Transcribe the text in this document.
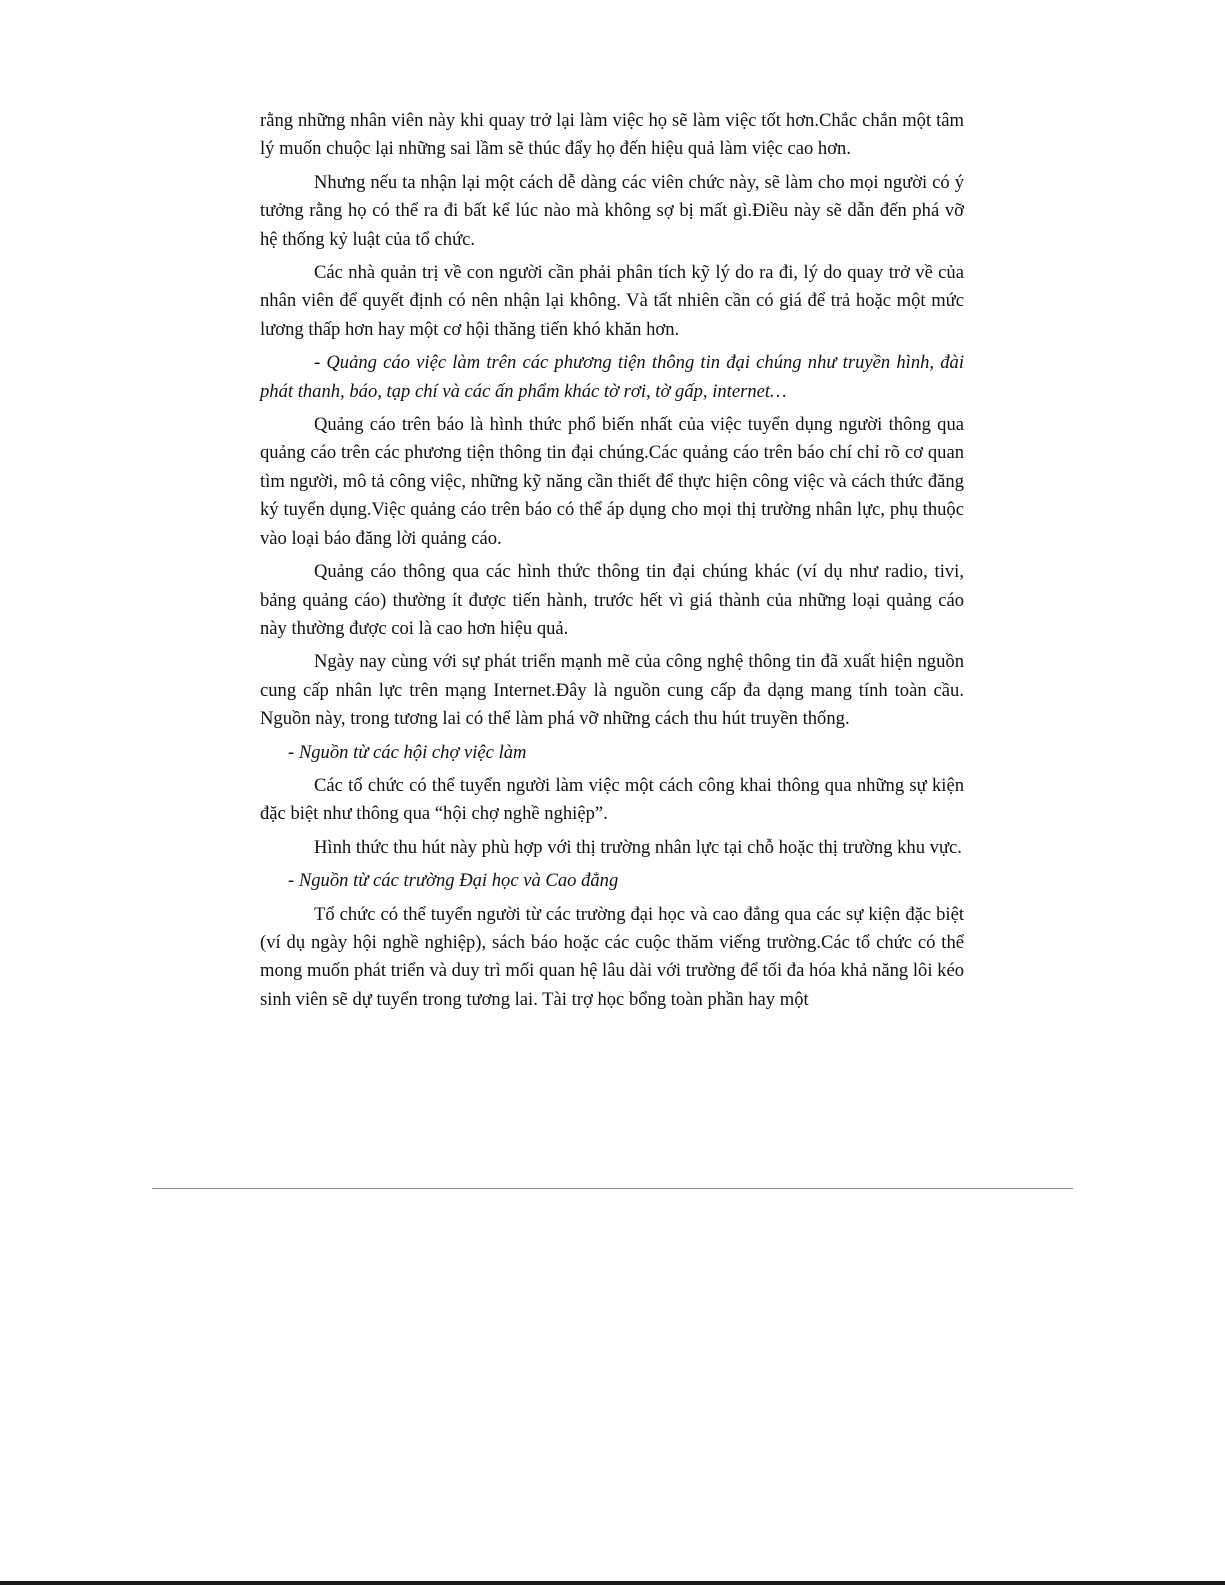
rằng những nhân viên này khi quay trở lại làm việc họ sẽ làm việc tốt hơn.Chắc chắn một tâm lý muốn chuộc lại những sai lầm sẽ thúc đẩy họ đến hiệu quả làm việc cao hơn.

Nhưng nếu ta nhận lại một cách dễ dàng các viên chức này, sẽ làm cho mọi người có ý tưởng rằng họ có thể ra đi bất kể lúc nào mà không sợ bị mất gì.Điều này sẽ dẫn đến phá vỡ hệ thống kỷ luật của tổ chức.

Các nhà quản trị về con người cần phải phân tích kỹ lý do ra đi, lý do quay trở về của nhân viên để quyết định có nên nhận lại không. Và tất nhiên cần có giá để trả hoặc một mức lương thấp hơn hay một cơ hội thăng tiến khó khăn hơn.

- Quảng cáo việc làm trên các phương tiện thông tin đại chúng như truyền hình, đài phát thanh, báo, tạp chí và các ấn phẩm khác tờ rơi, tờ gấp, internet…

Quảng cáo trên báo là hình thức phổ biến nhất của việc tuyển dụng người thông qua quảng cáo trên các phương tiện thông tin đại chúng.Các quảng cáo trên báo chí chỉ rõ cơ quan tìm người, mô tả công việc, những kỹ năng cần thiết để thực hiện công việc và cách thức đăng ký tuyển dụng.Việc quảng cáo trên báo có thể áp dụng cho mọi thị trường nhân lực, phụ thuộc vào loại báo đăng lời quảng cáo.

Quảng cáo thông qua các hình thức thông tin đại chúng khác (ví dụ như radio, tivi, bảng quảng cáo) thường ít được tiến hành, trước hết vì giá thành của những loại quảng cáo này thường được coi là cao hơn hiệu quả.

Ngày nay cùng với sự phát triển mạnh mẽ của công nghệ thông tin đã xuất hiện nguồn cung cấp nhân lực trên mạng Internet.Đây là nguồn cung cấp đa dạng mang tính toàn cầu. Nguồn này, trong tương lai có thể làm phá vỡ những cách thu hút truyền thống.

- Nguồn từ các hội chợ việc làm

Các tổ chức có thể tuyển người làm việc một cách công khai thông qua những sự kiện đặc biệt như thông qua “hội chợ nghề nghiệp”.

Hình thức thu hút này phù hợp với thị trường nhân lực tại chỗ hoặc thị trường khu vực.

- Nguồn từ các trường Đại học và Cao đẳng

Tổ chức có thể tuyển người từ các trường đại học và cao đẳng qua các sự kiện đặc biệt (ví dụ ngày hội nghề nghiệp), sách báo hoặc các cuộc thăm viếng trường.Các tổ chức có thể mong muốn phát triển và duy trì mối quan hệ lâu dài với trường để tối đa hóa khả năng lôi kéo sinh viên sẽ dự tuyển trong tương lai. Tài trợ học bổng toàn phần hay một
